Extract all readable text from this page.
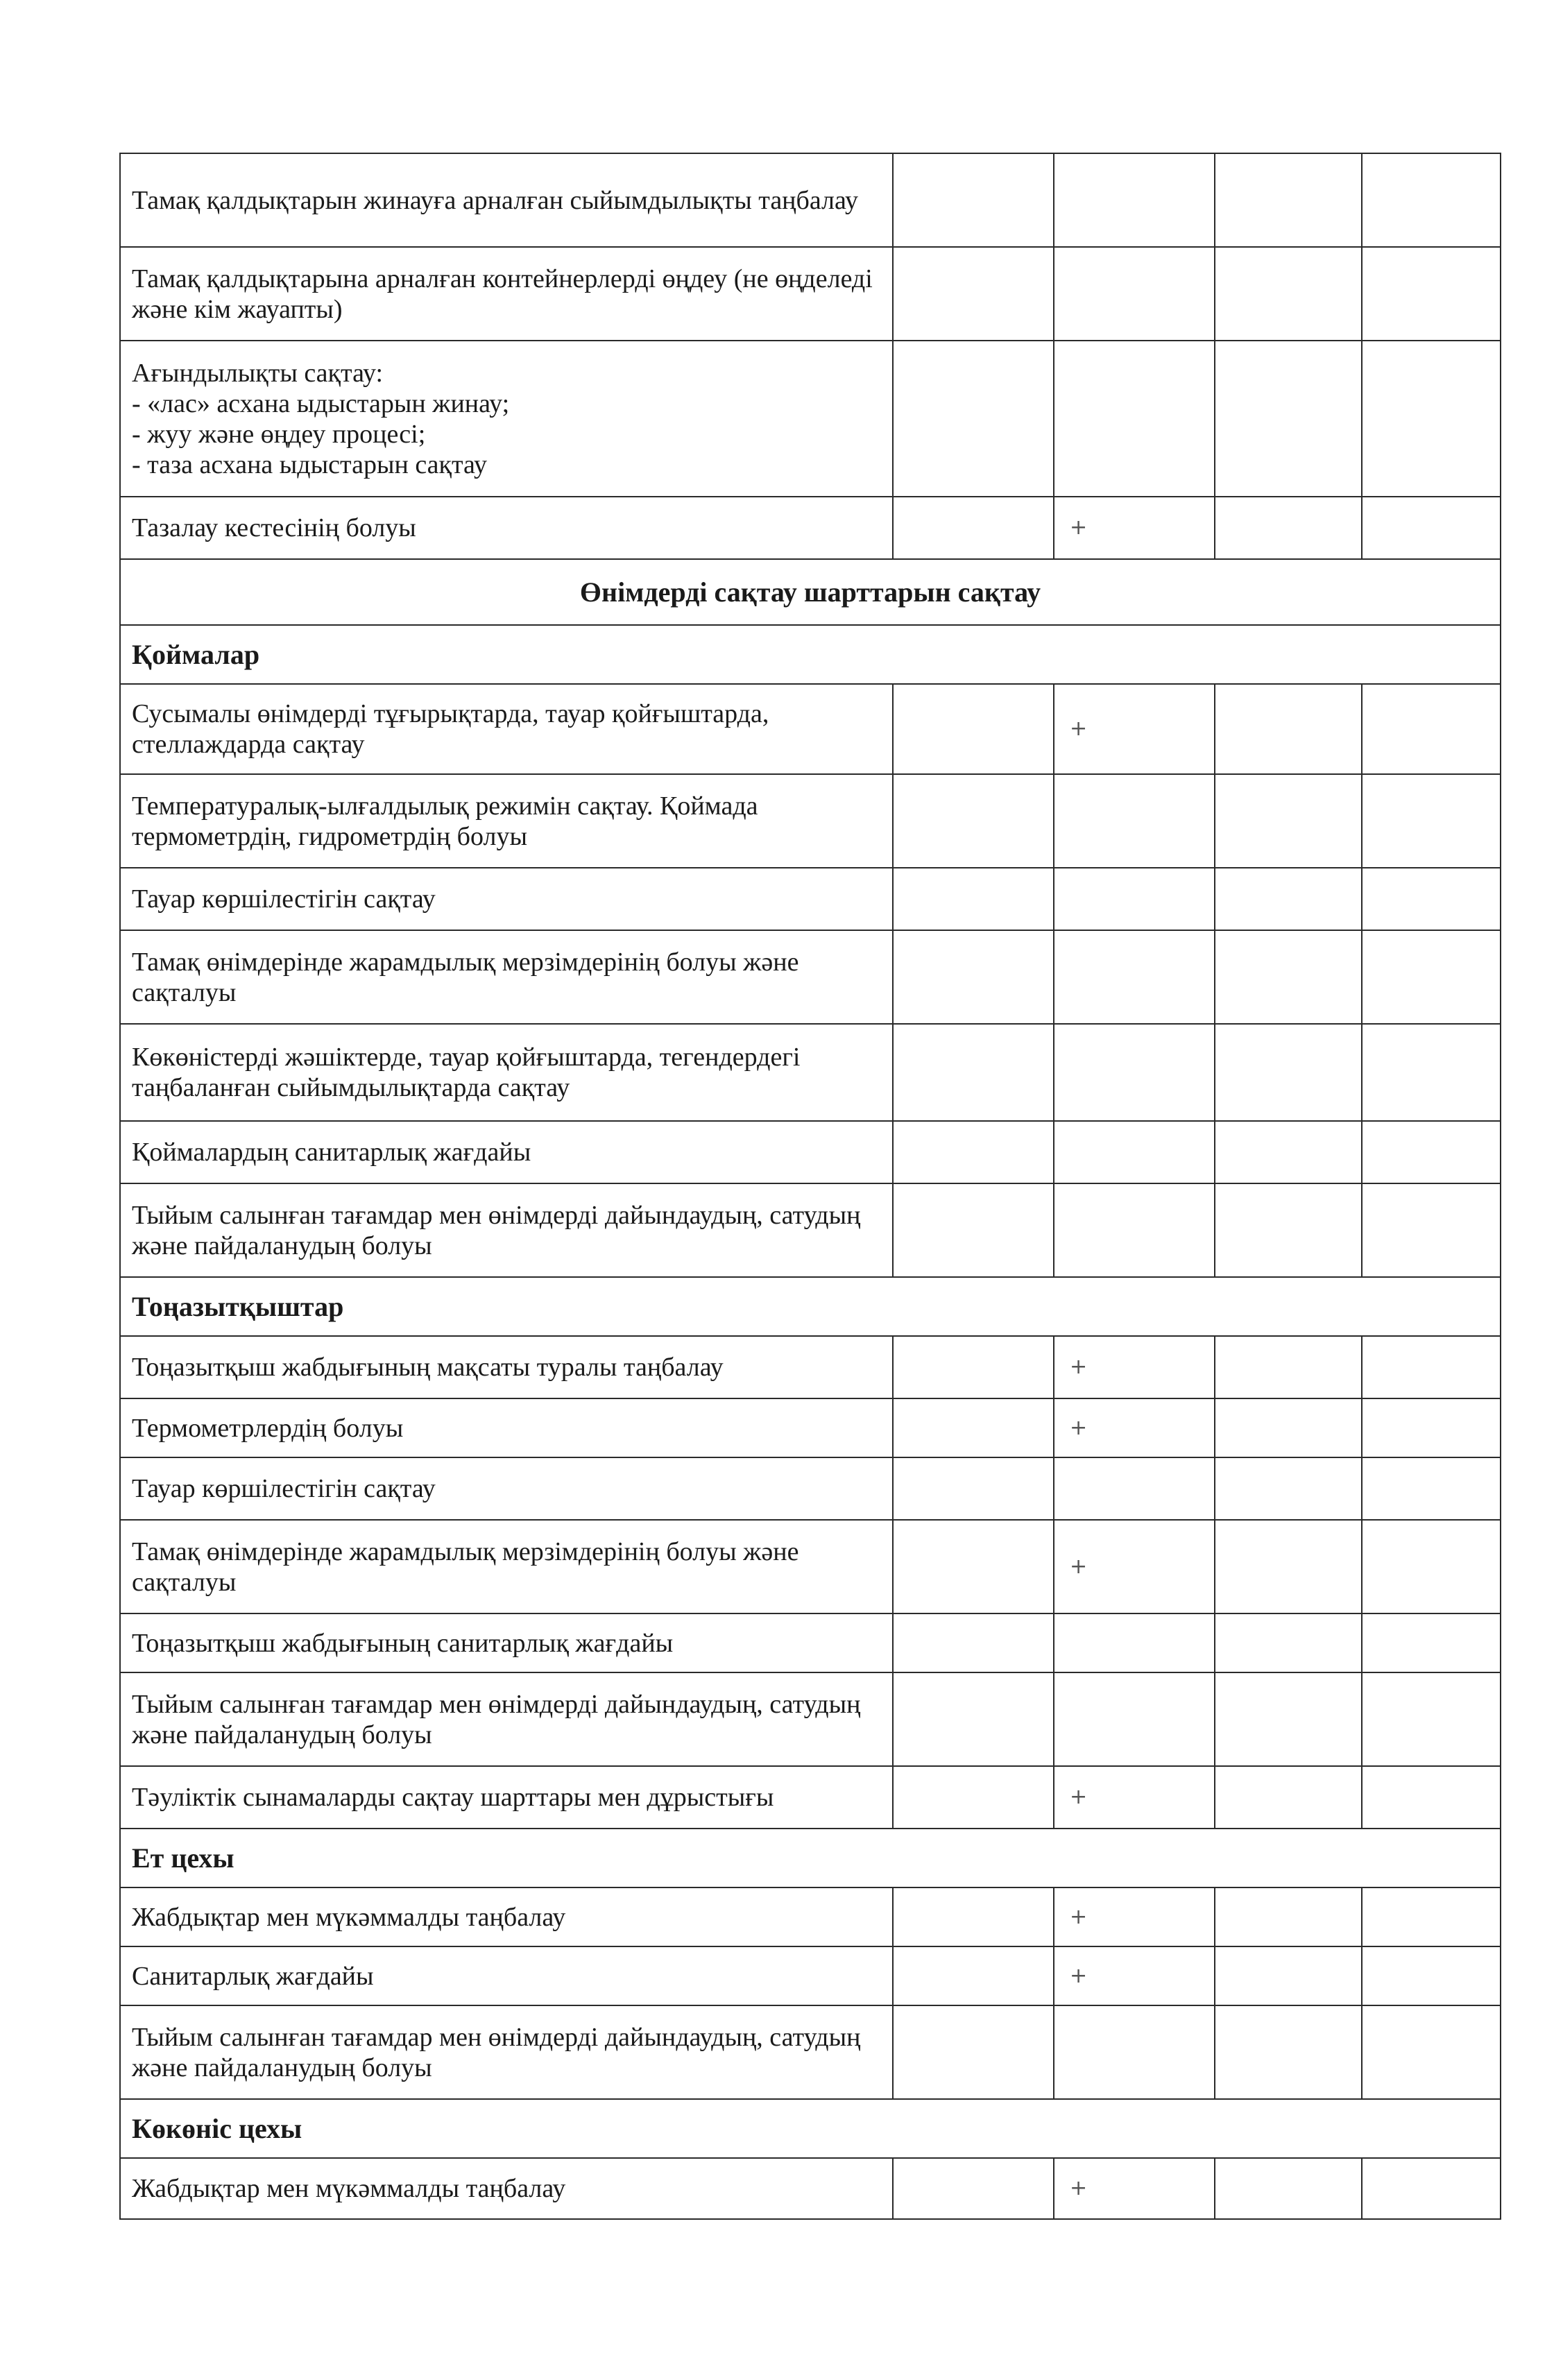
Тамақ қалдықтарын жинауға арналған сыйымдылықты таңбалау				
Тамақ қалдықтарына арналған контейнерлерді өңдеу (не өңделеді және кім жауапты)				
Ағындылықты сақтау:
- «лас» асхана ыдыстарын жинау;
- жуу және өңдеу процесі;
- таза асхана ыдыстарын сақтау				
Тазалау кестесінің болуы		+		
Өнімдерді сақтау шарттарын сақтау				
Қоймалар				
Сусымалы өнімдерді тұғырықтарда, тауар қойғыштарда, стеллаждарда сақтау		+		
Температуралық-ылғалдылық режимін сақтау. Қоймада термометрдің, гидрометрдің болуы				
Тауар көршілестігін сақтау				
Тамақ өнімдерінде жарамдылық мерзімдерінің болуы және сақталуы				
Көкөністерді жәшіктерде, тауар қойғыштарда, тегендердегі таңбаланған сыйымдылықтарда сақтау				
Қоймалардың санитарлық жағдайы				
Тыйым салынған тағамдар мен өнімдерді дайындаудың, сатудың және пайдаланудың болуы				
Тоңазытқыштар				
Тоңазытқыш жабдығының мақсаты туралы таңбалау		+		
Термометрлердің болуы		+		
Тауар көршілестігін сақтау				
Тамақ өнімдерінде жарамдылық мерзімдерінің болуы және сақталуы		+		
Тоңазытқыш жабдығының санитарлық жағдайы				
Тыйым салынған тағамдар мен өнімдерді дайындаудың, сатудың және пайдаланудың болуы				
Тәуліктік сынамаларды сақтау шарттары мен дұрыстығы		+		
Ет цехы				
Жабдықтар мен мүкәммалды таңбалау		+		
Санитарлық жағдайы		+		
Тыйым салынған тағамдар мен өнімдерді дайындаудың, сатудың және пайдаланудың болуы				
Көкөніс цехы				
Жабдықтар мен мүкәммалды таңбалау		+		
